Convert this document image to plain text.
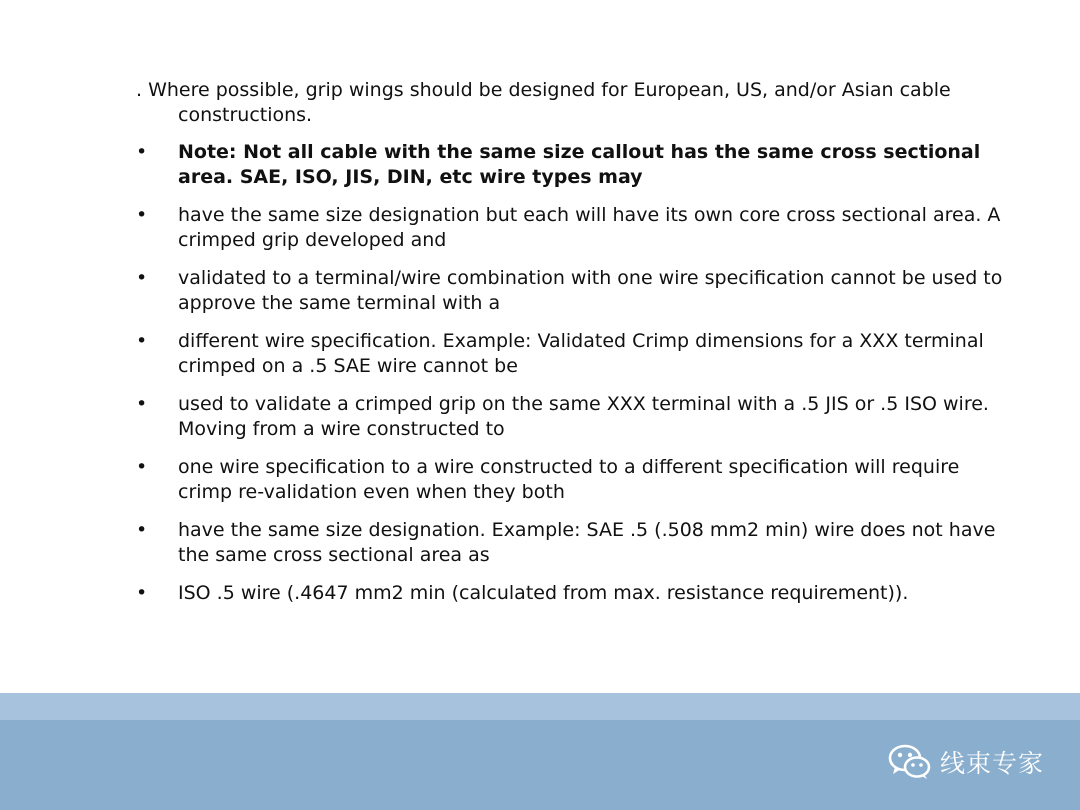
. Where possible, grip wings should be designed for European, US, and/or Asian cable constructions.

• Note: Not all cable with the same size callout has the same cross sectional area. SAE, ISO, JIS, DIN, etc wire types may
• have the same size designation but each will have its own core cross sectional area. A crimped grip developed and
• validated to a terminal/wire combination with one wire specification cannot be used to approve the same terminal with a
• different wire specification. Example: Validated Crimp dimensions for a XXX terminal crimped on a .5 SAE wire cannot be
• used to validate a crimped grip on the same XXX terminal with a .5 JIS or .5 ISO wire. Moving from a wire constructed to
• one wire specification to a wire constructed to a different specification will require crimp re-validation even when they both
• have the same size designation. Example: SAE .5 (.508 mm2 min) wire does not have the same cross sectional area as
• ISO .5 wire (.4647 mm2 min (calculated from max. resistance requirement)).
线束专家
